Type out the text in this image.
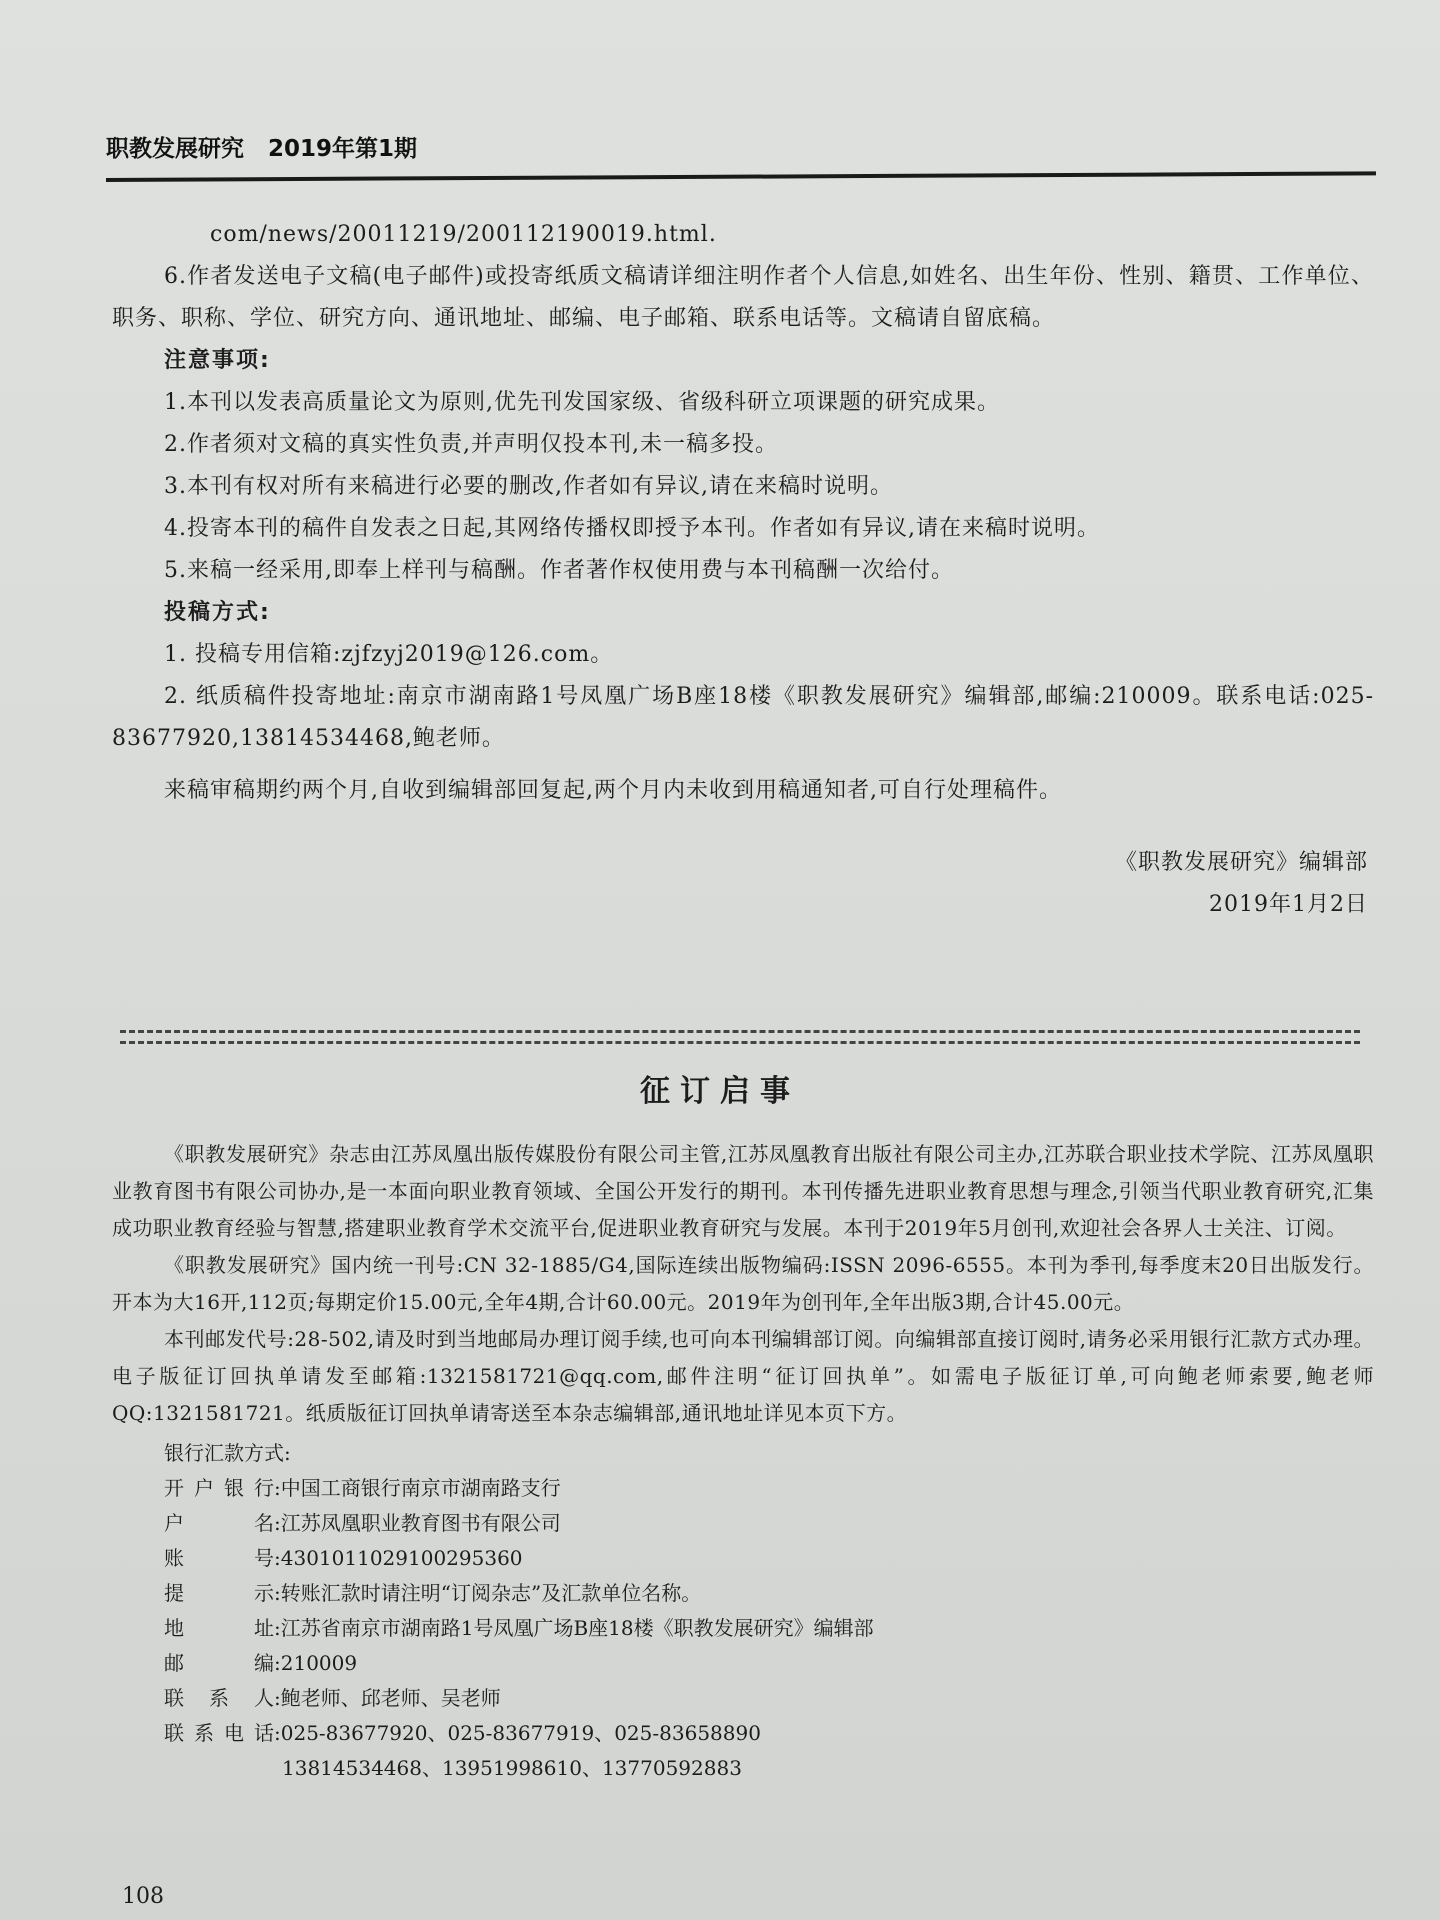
职教发展研究 2019年第1期

com/news/20011219/200112190019.html.

6.作者发送电子文稿(电子邮件)或投寄纸质文稿请详细注明作者个人信息,如姓名、出生年份、性别、籍贯、工作单位、职务、职称、学位、研究方向、通讯地址、邮编、电子邮箱、联系电话等。文稿请自留底稿。

注意事项:

1.本刊以发表高质量论文为原则,优先刊发国家级、省级科研立项课题的研究成果。

2.作者须对文稿的真实性负责,并声明仅投本刊,未一稿多投。

3.本刊有权对所有来稿进行必要的删改,作者如有异议,请在来稿时说明。

4.投寄本刊的稿件自发表之日起,其网络传播权即授予本刊。作者如有异议,请在来稿时说明。

5.来稿一经采用,即奉上样刊与稿酬。作者著作权使用费与本刊稿酬一次给付。

投稿方式:

1. 投稿专用信箱:zjfzyj2019@126.com。

2. 纸质稿件投寄地址:南京市湖南路1号凤凰广场B座18楼《职教发展研究》编辑部,邮编:210009。联系电话:025-83677920,13814534468,鲍老师。

来稿审稿期约两个月,自收到编辑部回复起,两个月内未收到用稿通知者,可自行处理稿件。

《职教发展研究》编辑部

2019年1月2日

征订启事

《职教发展研究》杂志由江苏凤凰出版传媒股份有限公司主管,江苏凤凰教育出版社有限公司主办,江苏联合职业技术学院、江苏凤凰职业教育图书有限公司协办,是一本面向职业教育领域、全国公开发行的期刊。本刊传播先进职业教育思想与理念,引领当代职业教育研究,汇集成功职业教育经验与智慧,搭建职业教育学术交流平台,促进职业教育研究与发展。本刊于2019年5月创刊,欢迎社会各界人士关注、订阅。

《职教发展研究》国内统一刊号:CN 32-1885/G4,国际连续出版物编码:ISSN 2096-6555。本刊为季刊,每季度末20日出版发行。开本为大16开,112页;每期定价15.00元,全年4期,合计60.00元。2019年为创刊年,全年出版3期,合计45.00元。

本刊邮发代号:28-502,请及时到当地邮局办理订阅手续,也可向本刊编辑部订阅。向编辑部直接订阅时,请务必采用银行汇款方式办理。电子版征订回执单请发至邮箱:1321581721@qq.com,邮件注明“征订回执单”。如需电子版征订单,可向鲍老师索要,鲍老师QQ:1321581721。纸质版征订回执单请寄送至本杂志编辑部,通讯地址详见本页下方。

银行汇款方式:

开户银行:中国工商银行南京市湖南路支行

户名:江苏凤凰职业教育图书有限公司

账号:4301011029100295360

提示:转账汇款时请注明“订阅杂志”及汇款单位名称。

地址:江苏省南京市湖南路1号凤凰广场B座18楼《职教发展研究》编辑部

邮编:210009

联系人:鲍老师、邱老师、吴老师

联系电话:025-83677920、025-83677919、025-83658890

13814534468、13951998610、13770592883

108
